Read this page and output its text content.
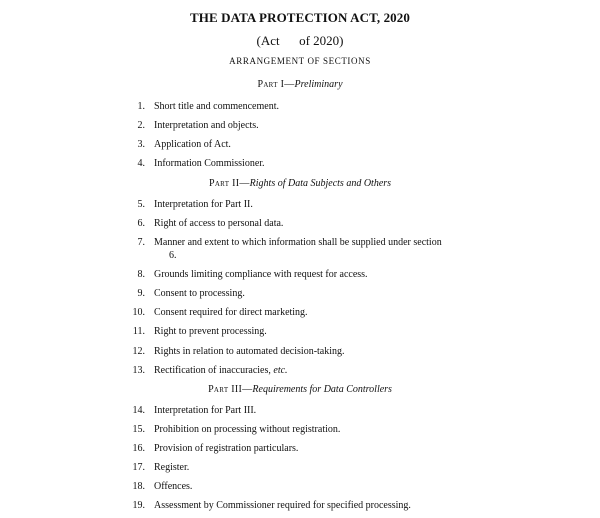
THE DATA PROTECTION ACT, 2020
(Act      of 2020)
ARRANGEMENT OF SECTIONS
Part I—Preliminary
1. Short title and commencement.
2. Interpretation and objects.
3. Application of Act.
4. Information Commissioner.
Part II—Rights of Data Subjects and Others
5. Interpretation for Part II.
6. Right of access to personal data.
7. Manner and extent to which information shall be supplied under section
6.
8. Grounds limiting compliance with request for access.
9. Consent to processing.
10. Consent required for direct marketing.
11. Right to prevent processing.
12. Rights in relation to automated decision-taking.
13. Rectification of inaccuracies, etc.
Part III—Requirements for Data Controllers
14. Interpretation for Part III.
15. Prohibition on processing without registration.
16. Provision of registration particulars.
17. Register.
18. Offences.
19. Assessment by Commissioner required for specified processing.
